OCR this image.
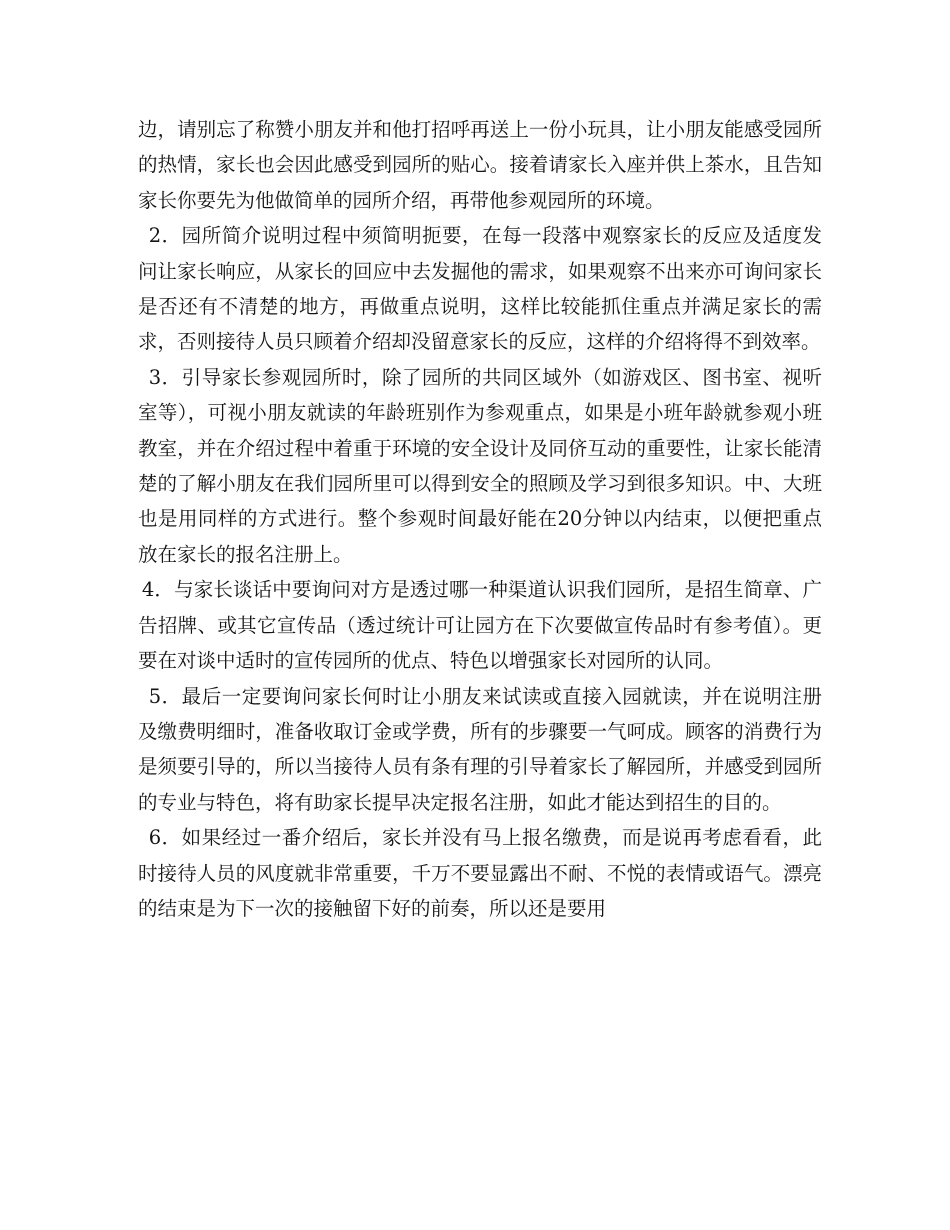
边，请别忘了称赞小朋友并和他打招呼再送上一份小玩具，让小朋友能感受园所的热情，家长也会因此感受到园所的贴心。接着请家长入座并供上茶水，且告知家长你要先为他做简单的园所介绍，再带他参观园所的环境。

2．园所简介说明过程中须简明扼要，在每一段落中观察家长的反应及适度发问让家长响应，从家长的回应中去发掘他的需求，如果观察不出来亦可询问家长是否还有不清楚的地方，再做重点说明，这样比较能抓住重点并满足家长的需求，否则接待人员只顾着介绍却没留意家长的反应，这样的介绍将得不到效率。

3．引导家长参观园所时，除了园所的共同区域外（如游戏区、图书室、视听室等），可视小朋友就读的年龄班别作为参观重点，如果是小班年龄就参观小班教室，并在介绍过程中着重于环境的安全设计及同侪互动的重要性，让家长能清楚的了解小朋友在我们园所里可以得到安全的照顾及学习到很多知识。中、大班也是用同样的方式进行。整个参观时间最好能在20分钟以内结束，以便把重点放在家长的报名注册上。

4．与家长谈话中要询问对方是透过哪一种渠道认识我们园所，是招生简章、广告招牌、或其它宣传品（透过统计可让园方在下次要做宣传品时有参考值）。更要在对谈中适时的宣传园所的优点、特色以增强家长对园所的认同。

5．最后一定要询问家长何时让小朋友来试读或直接入园就读，并在说明注册及缴费明细时，准备收取订金或学费，所有的步骤要一气呵成。顾客的消费行为是须要引导的，所以当接待人员有条有理的引导着家长了解园所，并感受到园所的专业与特色，将有助家长提早决定报名注册，如此才能达到招生的目的。

6．如果经过一番介绍后，家长并没有马上报名缴费，而是说再考虑看看，此时接待人员的风度就非常重要，千万不要显露出不耐、不悦的表情或语气。漂亮的结束是为下一次的接触留下好的前奏，所以还是要用
